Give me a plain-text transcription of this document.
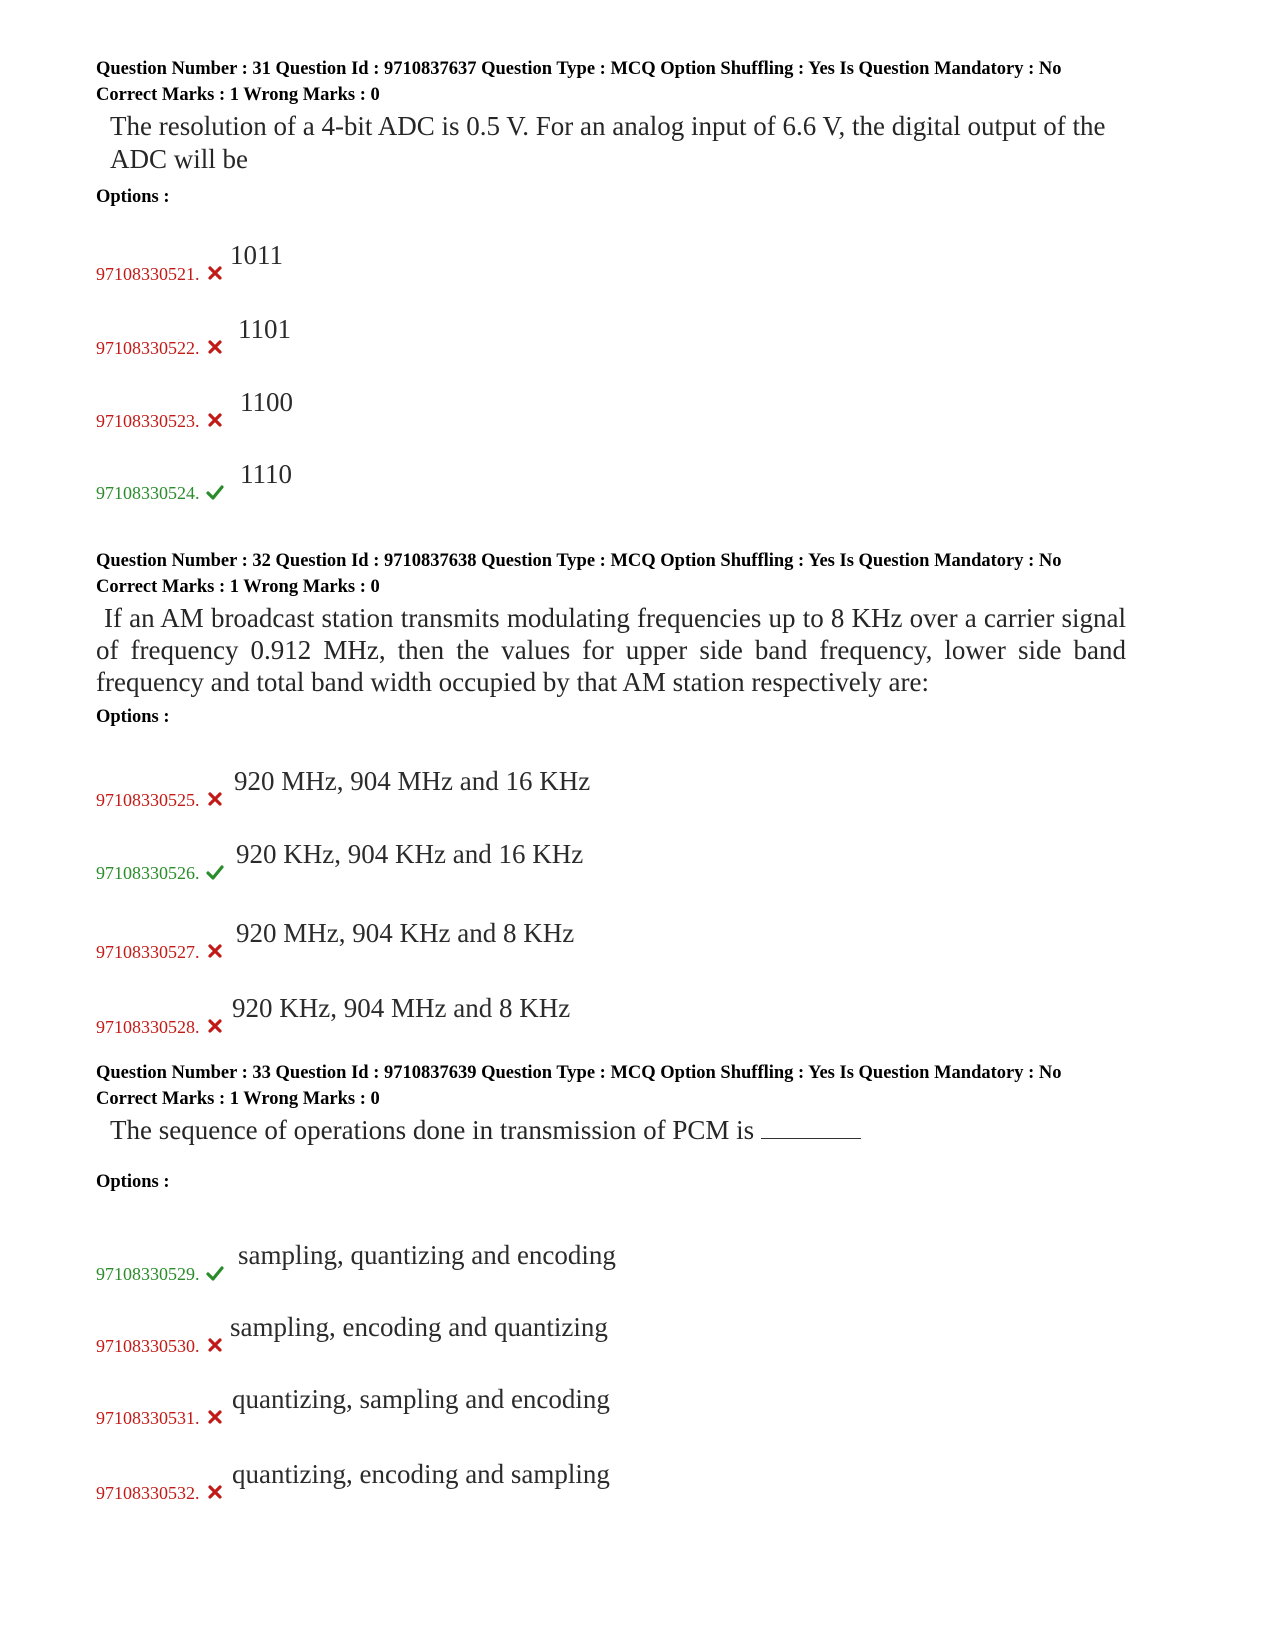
Question Number : 31 Question Id : 9710837637 Question Type : MCQ Option Shuffling : Yes Is Question Mandatory : No
Correct Marks : 1 Wrong Marks : 0
The resolution of a 4-bit ADC is 0.5 V. For an analog input of 6.6 V, the digital output of the ADC will be
Options :
97108330521.
1011
97108330522.
1101
97108330523.
1100
97108330524.
1110
Question Number : 32 Question Id : 9710837638 Question Type : MCQ Option Shuffling : Yes Is Question Mandatory : No
Correct Marks : 1 Wrong Marks : 0
If an AM broadcast station transmits modulating frequencies up to 8 KHz over a carrier signal of frequency 0.912 MHz, then the values for upper side band frequency, lower side band frequency and total band width occupied by that AM station respectively are:
Options :
97108330525.
920 MHz, 904 MHz and 16 KHz
97108330526.
920 KHz, 904 KHz and 16 KHz
97108330527.
920 MHz, 904 KHz and 8 KHz
97108330528.
920 KHz, 904 MHz and 8 KHz
Question Number : 33 Question Id : 9710837639 Question Type : MCQ Option Shuffling : Yes Is Question Mandatory : No
Correct Marks : 1 Wrong Marks : 0
The sequence of operations done in transmission of PCM is
Options :
97108330529.
sampling, quantizing and encoding
97108330530.
sampling, encoding and quantizing
97108330531.
quantizing, sampling and encoding
97108330532.
quantizing, encoding and sampling
